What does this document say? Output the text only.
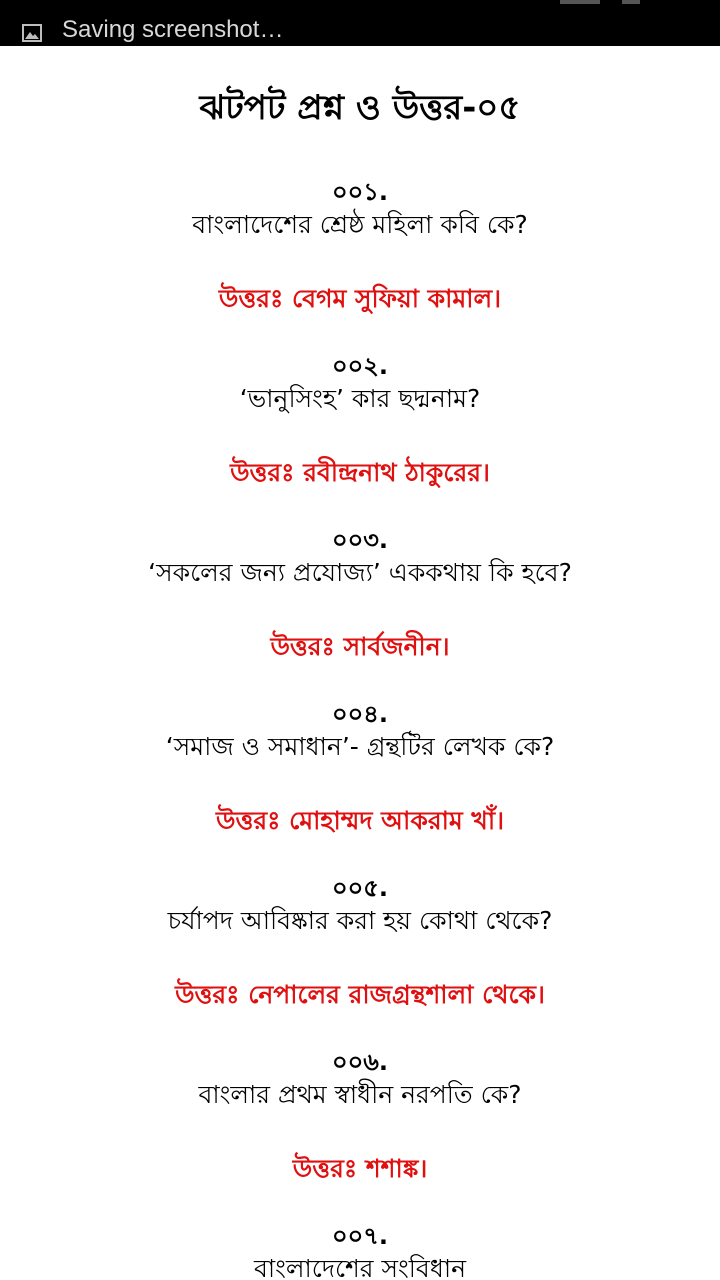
Saving screenshot…
ঝটপট প্রশ্ন ও উত্তর-০৫
০০১.
বাংলাদেশের শ্রেষ্ঠ মহিলা কবি কে?
উত্তরঃ বেগম সুফিয়া কামাল।
০০২.
‘ভানুসিংহ’ কার ছদ্মনাম?
উত্তরঃ রবীন্দ্রনাথ ঠাকুরের।
০০৩.
‘সকলের জন্য প্রযোজ্য’ এককথায় কি হবে?
উত্তরঃ সার্বজনীন।
০০৪.
‘সমাজ ও সমাধান’- গ্রন্থটির লেখক কে?
উত্তরঃ মোহাম্মদ আকরাম খাঁ।
০০৫.
চর্যাপদ আবিষ্কার করা হয় কোথা থেকে?
উত্তরঃ নেপালের রাজগ্রন্থশালা থেকে।
০০৬.
বাংলার প্রথম স্বাধীন নরপতি কে?
উত্তরঃ শশাঙ্ক।
০০৭.
বাংলাদেশের সংবিধান
